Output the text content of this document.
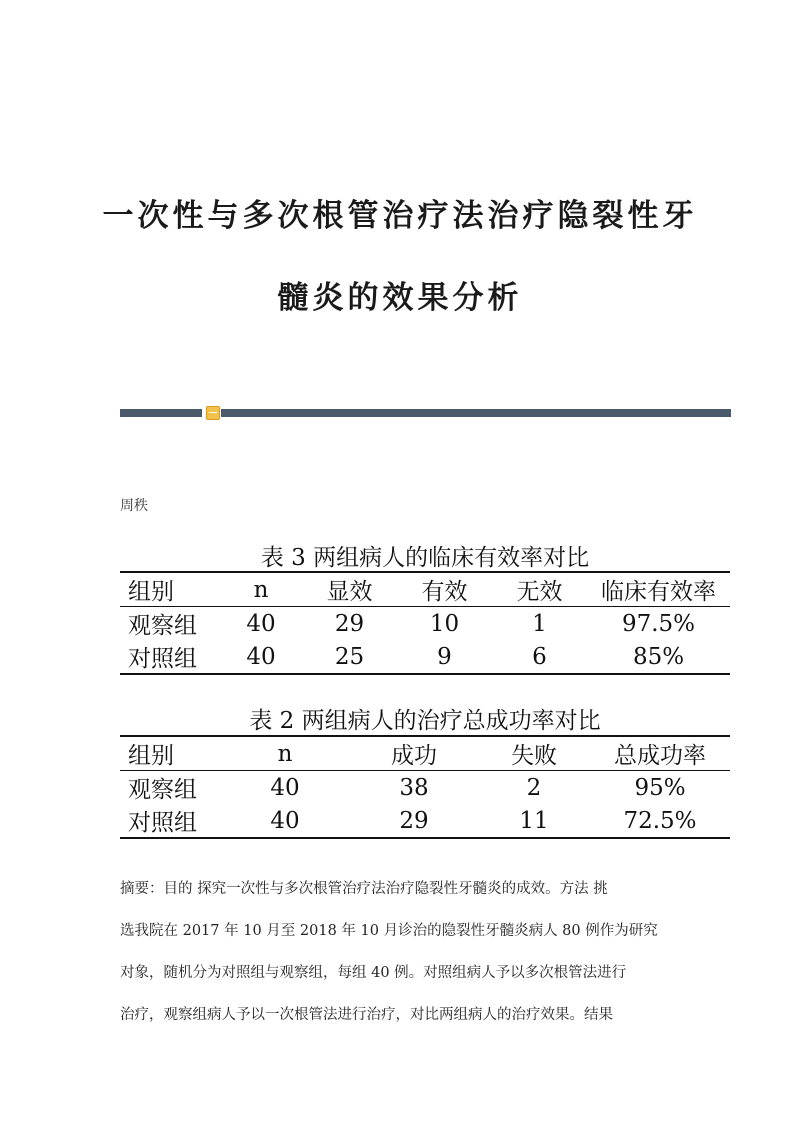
一次性与多次根管治疗法治疗隐裂性牙
髓炎的效果分析
周秩
表 3 两组病人的临床有效率对比
组别	n	显效	有效	无效	临床有效率
观察组	40	29	10	1	97.5%
对照组	40	25	9	6	85%
表 2 两组病人的治疗总成功率对比
组别	n	成功	失败	总成功率
观察组	40	38	2	95%
对照组	40	29	11	72.5%

摘要：目的 探究一次性与多次根管治疗法治疗隐裂性牙髓炎的成效。方法 挑
选我院在 2017 年 10 月至 2018 年 10 月诊治的隐裂性牙髓炎病人 80 例作为研究
对象，随机分为对照组与观察组，每组 40 例。对照组病人予以多次根管法进行
治疗，观察组病人予以一次根管法进行治疗，对比两组病人的治疗效果。结果
